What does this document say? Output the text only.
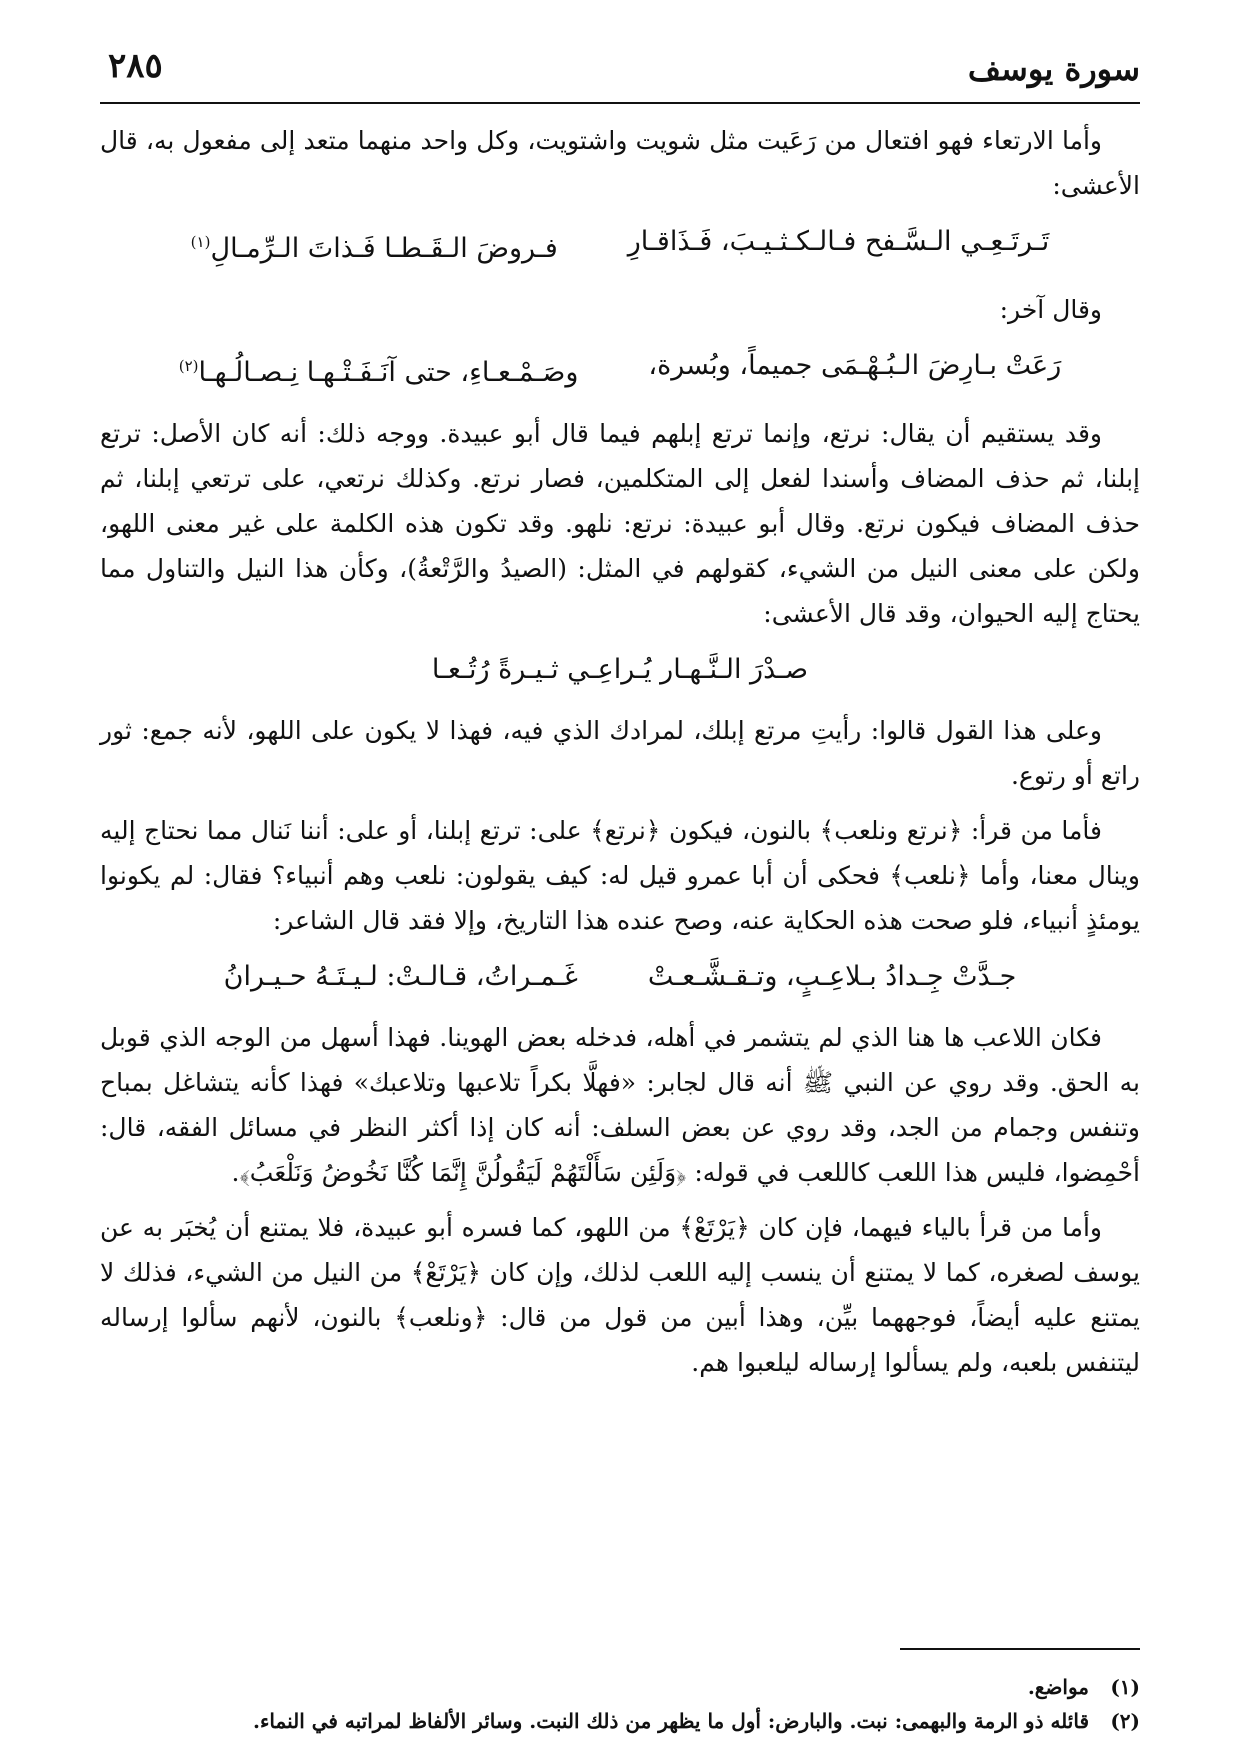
سورة يوسف
٢٨٥

وأما الارتعاء فهو افتعال من رَعَيت مثل شويت واشتويت، وكل واحد منهما متعد إلى مفعول به، قال الأعشى:

تَـرتَـعِـي الـسَّـفح فـالـكـثـيـبَ، فَـذَاقـارِ
فـروضَ الـقَـطـا فَـذاتَ الـرِّمـالِ$^{(١)}$

وقال آخر:

رَعَتْ بـارِضَ الـبُـهْـمَى جميماً، وبُسرة،
وصَـمْـعـاءِ، حتى آنَـفَـتْـهـا نِـصـالُـهـا$^{(٢)}$

وقد يستقيم أن يقال: نرتع، وإنما ترتع إبلهم فيما قال أبو عبيدة. ووجه ذلك: أنه كان الأصل: ترتع إبلنا، ثم حذف المضاف وأسندا لفعل إلى المتكلمين، فصار نرتع. وكذلك نرتعي، على ترتعي إبلنا، ثم حذف المضاف فيكون نرتع. وقال أبو عبيدة: نرتع: نلهو. وقد تكون هذه الكلمة على غير معنى اللهو، ولكن على معنى النيل من الشيء، كقولهم في المثل: (الصيدُ والرَّتْعةُ)، وكأن هذا النيل والتناول مما يحتاج إليه الحيوان، وقد قال الأعشى:

صـدْرَ الـنَّـهـار يُـراعِـي ثـيـرةً رُتُـعـا

وعلى هذا القول قالوا: رأيتِ مرتع إبلك، لمرادك الذي فيه، فهذا لا يكون على اللهو، لأنه جمع: ثور راتع أو رتوع.

فأما من قرأ: ﴿نرتع ونلعب﴾ بالنون، فيكون ﴿نرتع﴾ على: ترتع إبلنا، أو على: أننا نَنال مما نحتاج إليه وينال معنا، وأما ﴿نلعب﴾ فحكى أن أبا عمرو قيل له: كيف يقولون: نلعب وهم أنبياء؟ فقال: لم يكونوا يومئذٍ أنبياء، فلو صحت هذه الحكاية عنه، وصح عنده هذا التاريخ، وإلا فقد قال الشاعر:

جـدَّتْ جِـدادُ بـلاعِـبٍ، وتـقـشَّـعـتْ
غَـمـراتُ، قـالـتْ: لـيـتَـهُ حـيـرانُ

فكان اللاعب ها هنا الذي لم يتشمر في أهله، فدخله بعض الهوينا. فهذا أسهل من الوجه الذي قوبل به الحق. وقد روي عن النبي ﷺ أنه قال لجابر: «فهلَّا بكراً تلاعبها وتلاعبك» فهذا كأنه يتشاغل بمباح وتنفس وجمام من الجد، وقد روي عن بعض السلف: أنه كان إذا أكثر النظر في مسائل الفقه، قال: أحْمِضوا، فليس هذا اللعب كاللعب في قوله: ﴿وَلَئِن سَأَلْتَهُمْ لَيَقُولُنَّ إِنَّمَا كُنَّا نَخُوضُ وَنَلْعَبُ﴾.

وأما من قرأ بالياء فيهما، فإن كان ﴿يَرْتَعْ﴾ من اللهو، كما فسره أبو عبيدة، فلا يمتنع أن يُخبَر به عن يوسف لصغره، كما لا يمتنع أن ينسب إليه اللعب لذلك، وإن كان ﴿يَرْتَعْ﴾ من النيل من الشيء، فذلك لا يمتنع عليه أيضاً، فوجههما بيِّن، وهذا أبين من قول من قال: ﴿ونلعب﴾ بالنون، لأنهم سألوا إرساله ليتنفس بلعبه، ولم يسألوا إرساله ليلعبوا هم.

(١) مواضع.

(٢) قائله ذو الرمة والبهمى: نبت. والبارض: أول ما يظهر من ذلك النبت. وسائر الألفاظ لمراتبه في النماء.
